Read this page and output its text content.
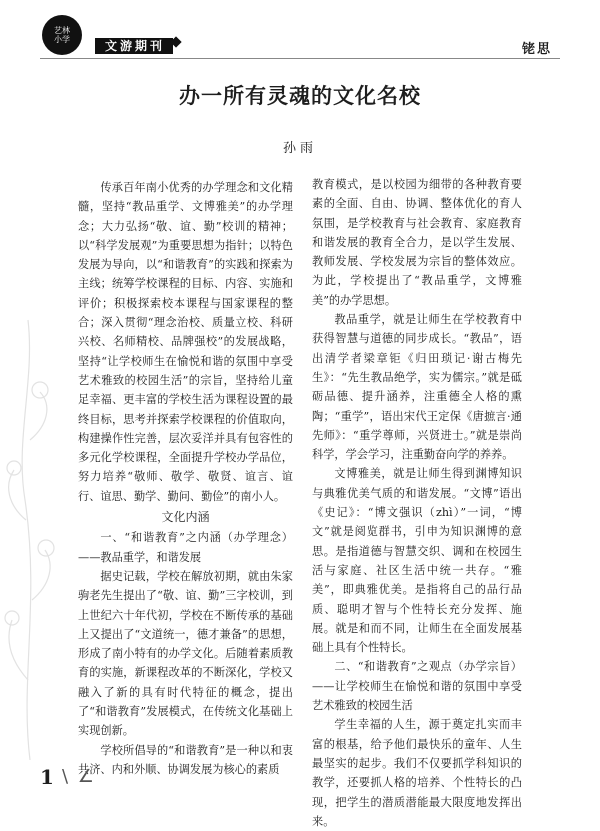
艺林小学	文游期刊	铑思
办一所有灵魂的文化名校
孙雨

传承百年南小优秀的办学理念和文化精髓，坚持“教品重学、文博雅美”的办学理念；大力弘扬“敬、谊、勤”校训的精神；以“科学发展观”为重要思想为指针；以特色发展为导向，以“和谐教育”的实践和探索为主线；统筹学校课程的目标、内容、实施和评价；积极探索校本课程与国家课程的整合；深入贯彻“理念治校、质量立校、科研兴校、名师精校、品牌强校”的发展战略，坚持“让学校师生在愉悦和谐的氛围中享受艺术雅致的校园生活”的宗旨，坚持给儿童足幸福、更丰富的学校生活为课程设置的最终目标，思考并探索学校课程的价值取向，构建操作性完善，层次妥洋并具有包容性的多元化学校课程，全面提升学校办学品位，努力培养“敬师、敬学、敬贤、谊言、谊行、谊思、勤学、勤问、勤俭”的南小人。

文化内涵

一、“和谐教育”之内涵（办学理念）——教品重学，和谐发展

据史记载，学校在解放初期，就由朱家驹老先生提出了“敬、谊、勤”三字校训，到上世纪六十年代初，学校在不断传承的基础上又提出了“文道统一，德才兼备”的思想，形成了南小特有的办学文化。后随着素质教育的实施，新课程改革的不断深化，学校又融入了新的具有时代特征的概念，提出了“和谐教育”发展模式，在传统文化基础上实现创新。

学校所倡导的“和谐教育”是一种以和衷共济、内和外顺、协调发展为核心的素质

教育模式，是以校园为细带的各种教育要素的全面、自由、协调、整体优化的育人氛围，是学校教育与社会教育、家庭教育和谐发展的教育全合力，是以学生发展、教师发展、学校发展为宗旨的整体效应。为此，学校提出了“教品重学，文博雅美”的办学思想。

教品重学，就是让师生在学校教育中获得智慧与道德的同步成长。“教品”，语出清学者梁章钜《归田琐记·谢古梅先生》：“先生教品绝学，实为儒宗。”就是砥砺品德、提升涵养，注重德全人格的熏陶；“重学”，语出宋代王定保《唐摭言·通先师》：“重学尊师，兴贤进士。”就是崇尚科学，学会学习，注重勤奋向学的养养。

文博雅美，就是让师生得到渊博知识与典雅优美气质的和谐发展。“文博”语出《史记》：“博文强识（zhì）”一词，“博文”就是阅览群书，引申为知识渊博的意思。是指道德与智慧交织、调和在校园生活与家庭、社区生活中统一共存。“雅美”，即典雅优美。是指将自己的品行品质、聪明才智与个性特长充分发挥、施展。就是和而不同，让师生在全面发展基础上具有个性特长。

二、“和谐教育”之观点（办学宗旨）——让学校师生在愉悦和谐的氛围中享受艺术雅致的校园生活

学生幸福的人生，源于奠定扎实而丰富的根基，给予他们最快乐的童年、人生最坚实的起步。我们不仅要抓学科知识的教学，还要抓人格的培养、个性特长的凸现，把学生的潜质潜能最大限度地发挥出来。

1 \ ∠
